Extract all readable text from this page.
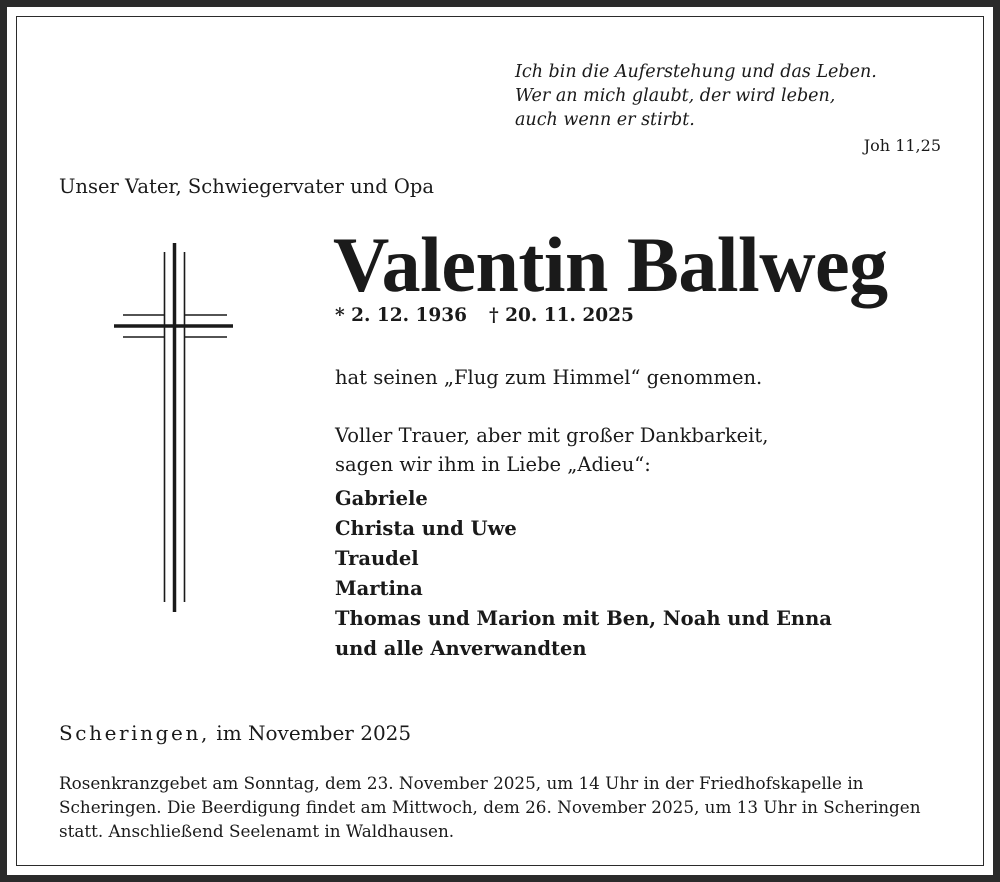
Ich bin die Auferstehung und das Leben.
Wer an mich glaubt, der wird leben,
auch wenn er stirbt.
Joh 11,25
Unser Vater, Schwiegervater und Opa
Valentin Ballweg
* 2. 12. 1936 † 20. 11. 2025
hat seinen „Flug zum Himmel“ genommen.
Voller Trauer, aber mit großer Dankbarkeit,
sagen wir ihm in Liebe „Adieu“:
Gabriele
Christa und Uwe
Traudel
Martina
Thomas und Marion mit Ben, Noah und Enna
und alle Anverwandten
Scheringen, im November 2025
Rosenkranzgebet am Sonntag, dem 23. November 2025, um 14 Uhr in der Friedhofskapelle in Scheringen. Die Beerdigung findet am Mittwoch, dem 26. November 2025, um 13 Uhr in Scheringen statt. Anschließend Seelenamt in Waldhausen.
